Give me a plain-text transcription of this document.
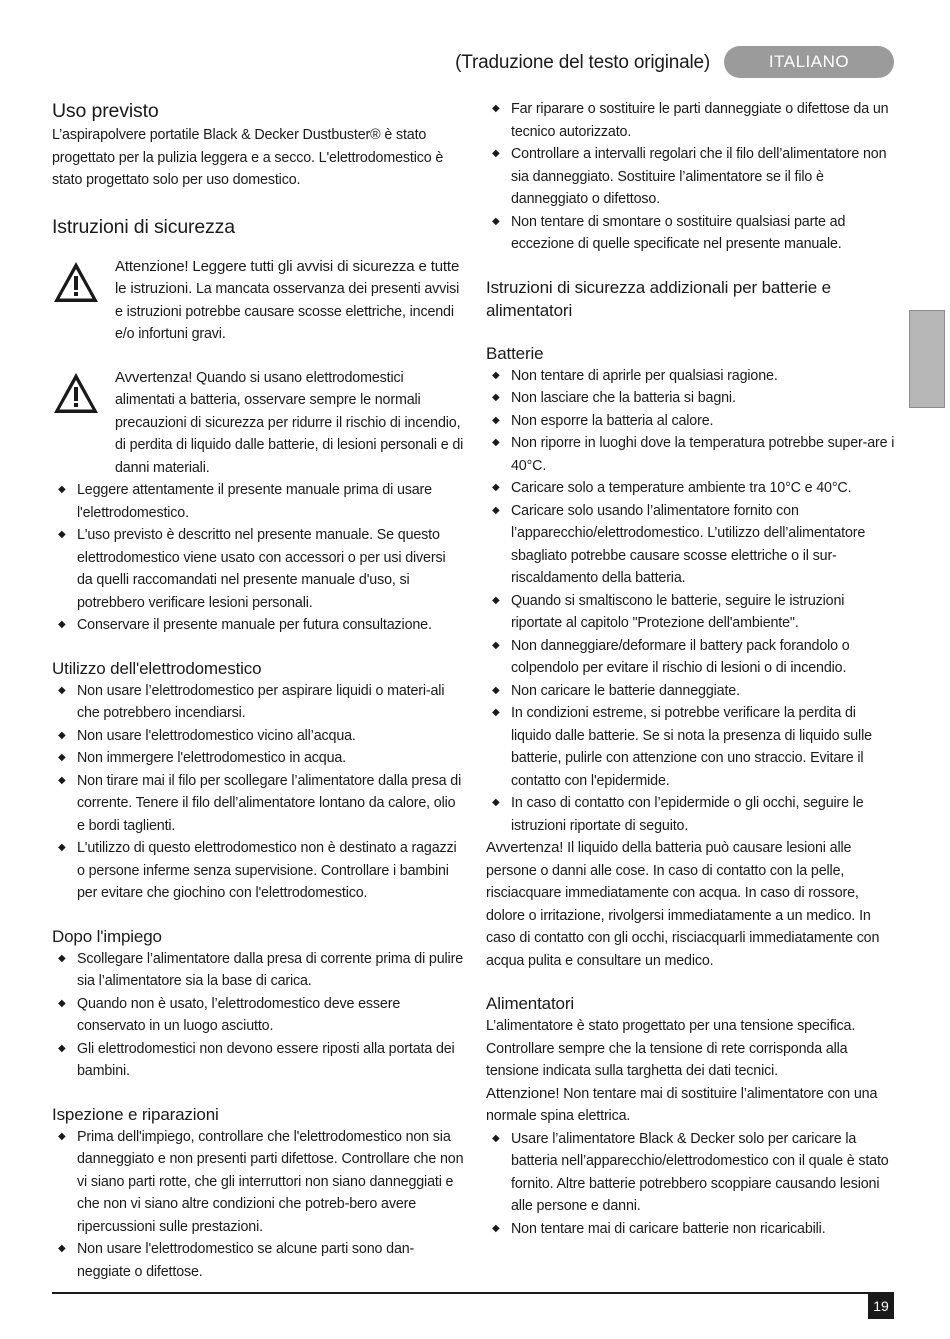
(Traduzione del testo originale)	ITALIANO
Uso previsto

L’aspirapolvere portatile Black & Decker Dustbuster® è stato progettato per la pulizia leggera e a secco. L'elettrodomestico è stato progettato solo per uso domestico.

Istruzioni di sicurezza

Attenzione! Leggere tutti gli avvisi di sicurezza e tutte le istruzioni. La mancata osservanza dei presenti avvisi e istruzioni potrebbe causare scosse elettriche, incendi e/o infortuni gravi.

Avvertenza! Quando si usano elettrodomestici alimentati a batteria, osservare sempre le normali precauzioni di sicurezza per ridurre il rischio di incendio, di perdita di liquido dalle batterie, di lesioni personali e di danni materiali.

◆ Leggere attentamente il presente manuale prima di usare l'elettrodomestico.
◆ L'uso previsto è descritto nel presente manuale. Se questo elettrodomestico viene usato con accessori o per usi diversi da quelli raccomandati nel presente manuale d'uso, si potrebbero verificare lesioni personali.
◆ Conservare il presente manuale per futura consultazione.
Utilizzo dell'elettrodomestico
◆ Non usare l’elettrodomestico per aspirare liquidi o materi-ali che potrebbero incendiarsi.
◆ Non usare l'elettrodomestico vicino all’acqua.
◆ Non immergere l'elettrodomestico in acqua.
◆ Non tirare mai il filo per scollegare l’alimentatore dalla presa di corrente. Tenere il filo dell’alimentatore lontano da calore, olio e bordi taglienti.
◆ L'utilizzo di questo elettrodomestico non è destinato a ragazzi o persone inferme senza supervisione. Controllare i bambini per evitare che giochino con l'elettrodomestico.
Dopo l'impiego
◆ Scollegare l’alimentatore dalla presa di corrente prima di pulire sia l’alimentatore sia la base di carica.
◆ Quando non è usato, l’elettrodomestico deve essere conservato in un luogo asciutto.
◆ Gli elettrodomestici non devono essere riposti alla portata dei bambini.
Ispezione e riparazioni
◆ Prima dell'impiego, controllare che l'elettrodomestico non sia danneggiato e non presenti parti difettose. Controllare che non vi siano parti rotte, che gli interruttori non siano danneggiati e che non vi siano altre condizioni che potreb-bero avere ripercussioni sulle prestazioni.
◆ Non usare l'elettrodomestico se alcune parti sono dan-neggiate o difettose.
◆ Far riparare o sostituire le parti danneggiate o difettose da un tecnico autorizzato.
◆ Controllare a intervalli regolari che il filo dell’alimentatore non sia danneggiato. Sostituire l’alimentatore se il filo è danneggiato o difettoso.
◆ Non tentare di smontare o sostituire qualsiasi parte ad eccezione di quelle specificate nel presente manuale.
Istruzioni di sicurezza addizionali per batterie e alimentatori
Batterie
◆ Non tentare di aprirle per qualsiasi ragione.
◆ Non lasciare che la batteria si bagni.
◆ Non esporre la batteria al calore.
◆ Non riporre in luoghi dove la temperatura potrebbe super-are i 40°C.
◆ Caricare solo a temperature ambiente tra 10°C e 40°C.
◆ Caricare solo usando l’alimentatore fornito con l’apparecchio/elettrodomestico. L’utilizzo dell’alimentatore sbagliato potrebbe causare scosse elettriche o il sur-riscaldamento della batteria.
◆ Quando si smaltiscono le batterie, seguire le istruzioni riportate al capitolo "Protezione dell'ambiente".
◆ Non danneggiare/deformare il battery pack forandolo o colpendolo per evitare il rischio di lesioni o di incendio.
◆ Non caricare le batterie danneggiate.
◆ In condizioni estreme, si potrebbe verificare la perdita di liquido dalle batterie. Se si nota la presenza di liquido sulle batterie, pulirle con attenzione con uno straccio. Evitare il contatto con l'epidermide.
◆ In caso di contatto con l’epidermide o gli occhi, seguire le istruzioni riportate di seguito.

Avvertenza! Il liquido della batteria può causare lesioni alle persone o danni alle cose. In caso di contatto con la pelle, risciacquare immediatamente con acqua. In caso di rossore, dolore o irritazione, rivolgersi immediatamente a un medico. In caso di contatto con gli occhi, risciacquarli immediatamente con acqua pulita e consultare un medico.

Alimentatori

L’alimentatore è stato progettato per una tensione specifica. Controllare sempre che la tensione di rete corrisponda alla tensione indicata sulla targhetta dei dati tecnici.

Attenzione! Non tentare mai di sostituire l’alimentatore con una normale spina elettrica.

◆ Usare l’alimentatore Black & Decker solo per caricare la batteria nell’apparecchio/elettrodomestico con il quale è stato fornito. Altre batterie potrebbero scoppiare causando lesioni alle persone e danni.
◆ Non tentare mai di caricare batterie non ricaricabili.
19
